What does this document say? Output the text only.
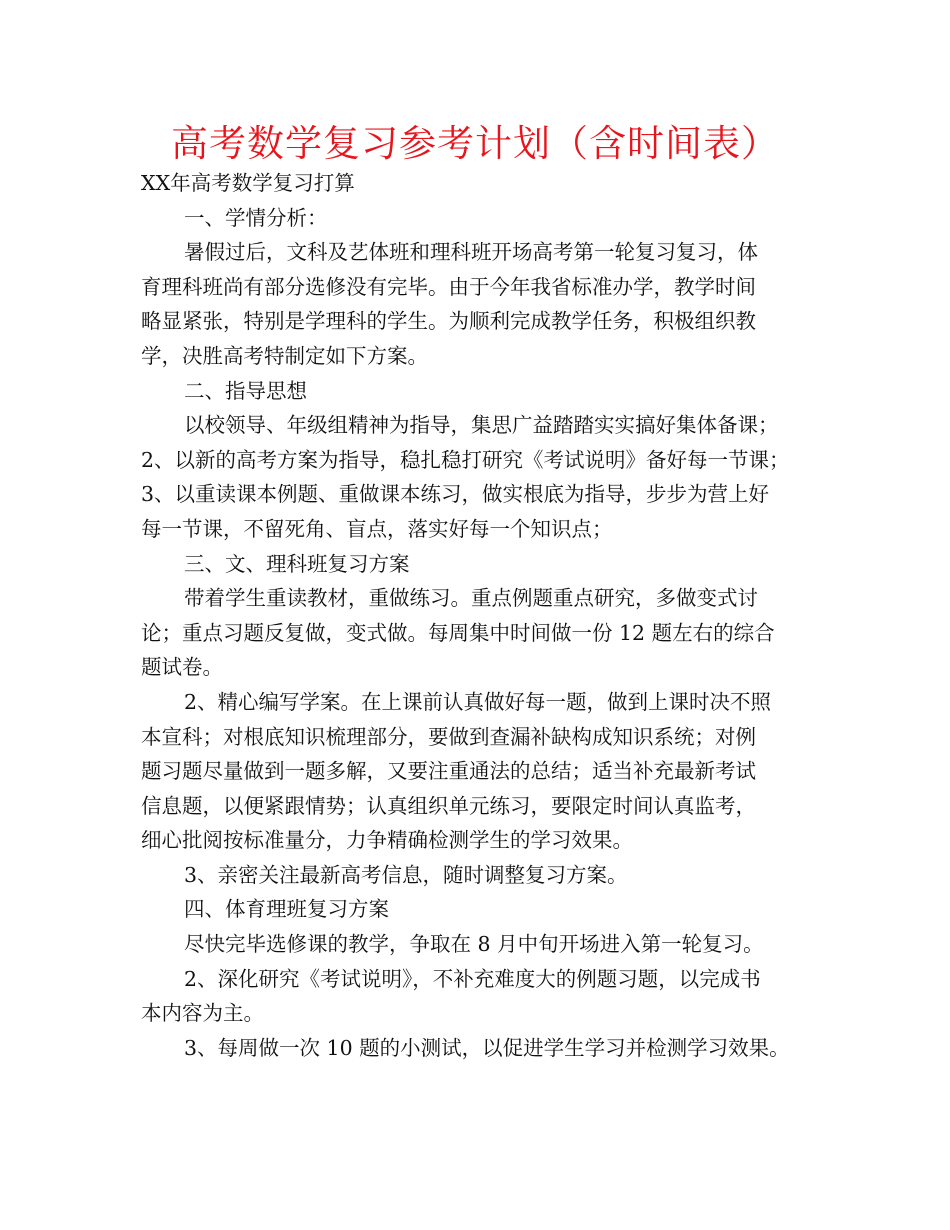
高考数学复习参考计划（含时间表）

XX年高考数学复习打算

一、学情分析：

暑假过后，文科及艺体班和理科班开场高考第一轮复习复习，体

育理科班尚有部分选修没有完毕。由于今年我省标准办学，教学时间

略显紧张，特别是学理科的学生。为顺利完成教学任务，积极组织教

学，决胜高考特制定如下方案。

二、指导思想

以校领导、年级组精神为指导，集思广益踏踏实实搞好集体备课；

2、以新的高考方案为指导，稳扎稳打研究《考试说明》备好每一节课；

3、以重读课本例题、重做课本练习，做实根底为指导，步步为营上好

每一节课，不留死角、盲点，落实好每一个知识点；

三、文、理科班复习方案

带着学生重读教材，重做练习。重点例题重点研究，多做变式讨

论；重点习题反复做，变式做。每周集中时间做一份 12 题左右的综合

题试卷。

2、精心编写学案。在上课前认真做好每一题，做到上课时决不照

本宣科；对根底知识梳理部分，要做到查漏补缺构成知识系统；对例

题习题尽量做到一题多解，又要注重通法的总结；适当补充最新考试

信息题，以便紧跟情势；认真组织单元练习，要限定时间认真监考，

细心批阅按标准量分，力争精确检测学生的学习效果。

3、亲密关注最新高考信息，随时调整复习方案。

四、体育理班复习方案

尽快完毕选修课的教学，争取在 8 月中旬开场进入第一轮复习。

2、深化研究《考试说明》，不补充难度大的例题习题，以完成书

本内容为主。

3、每周做一次 10 题的小测试，以促进学生学习并检测学习效果。
